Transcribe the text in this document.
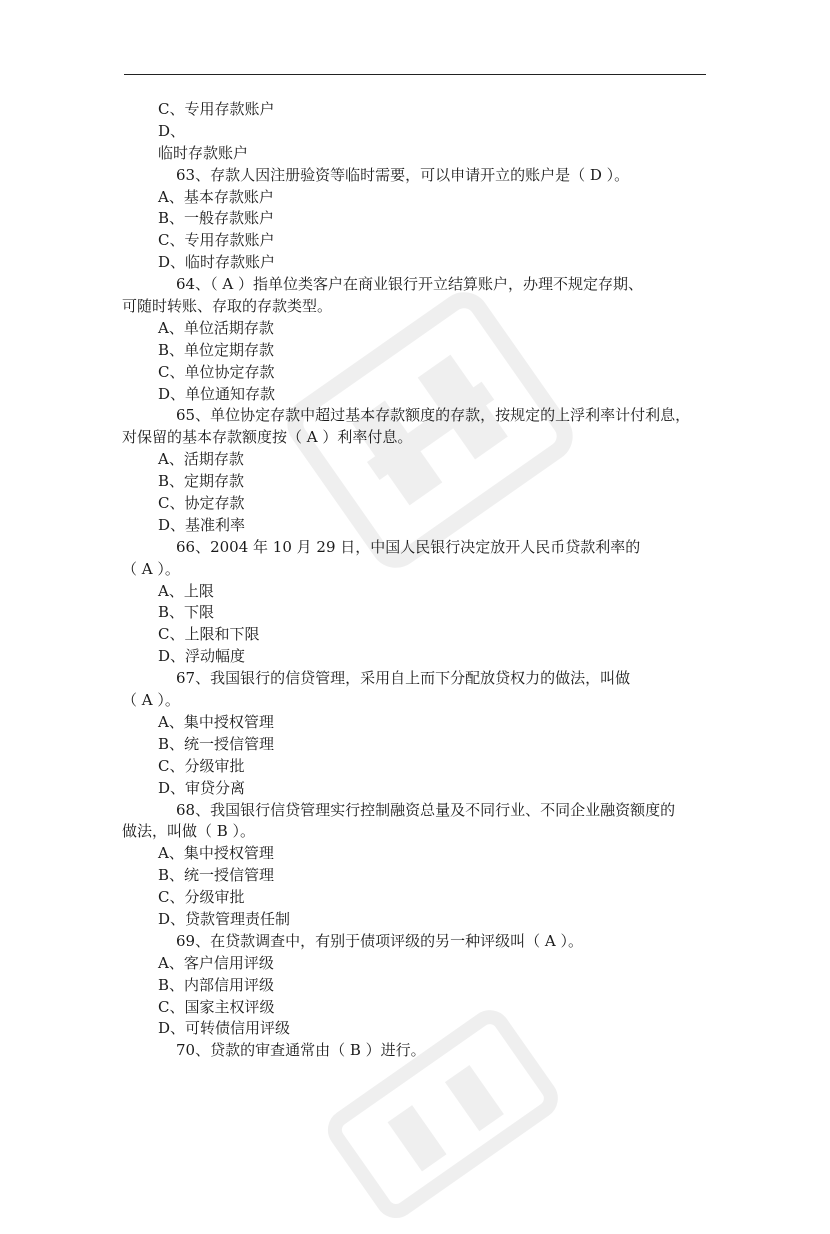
C、专用存款账户
D、
临时存款账户
63、存款人因注册验资等临时需要，可以申请开立的账户是（ D ）。
A、基本存款账户
B、一般存款账户
C、专用存款账户
D、临时存款账户
64、（ A ）指单位类客户在商业银行开立结算账户，办理不规定存期、
可随时转账、存取的存款类型。
A、单位活期存款
B、单位定期存款
C、单位协定存款
D、单位通知存款
65、单位协定存款中超过基本存款额度的存款，按规定的上浮利率计付利息，
对保留的基本存款额度按（ A ）利率付息。
A、活期存款
B、定期存款
C、协定存款
D、基准利率
66、2004 年 10 月 29 日，中国人民银行决定放开人民币贷款利率的
（ A ）。
A、上限
B、下限
C、上限和下限
D、浮动幅度
67、我国银行的信贷管理，采用自上而下分配放贷权力的做法，叫做
（ A ）。
A、集中授权管理
B、统一授信管理
C、分级审批
D、审贷分离
68、我国银行信贷管理实行控制融资总量及不同行业、不同企业融资额度的
做法，叫做（ B ）。
A、集中授权管理
B、统一授信管理
C、分级审批
D、贷款管理责任制
69、在贷款调查中，有别于债项评级的另一种评级叫（ A ）。
A、客户信用评级
B、内部信用评级
C、国家主权评级
D、可转债信用评级
70、贷款的审查通常由（ B ）进行。
